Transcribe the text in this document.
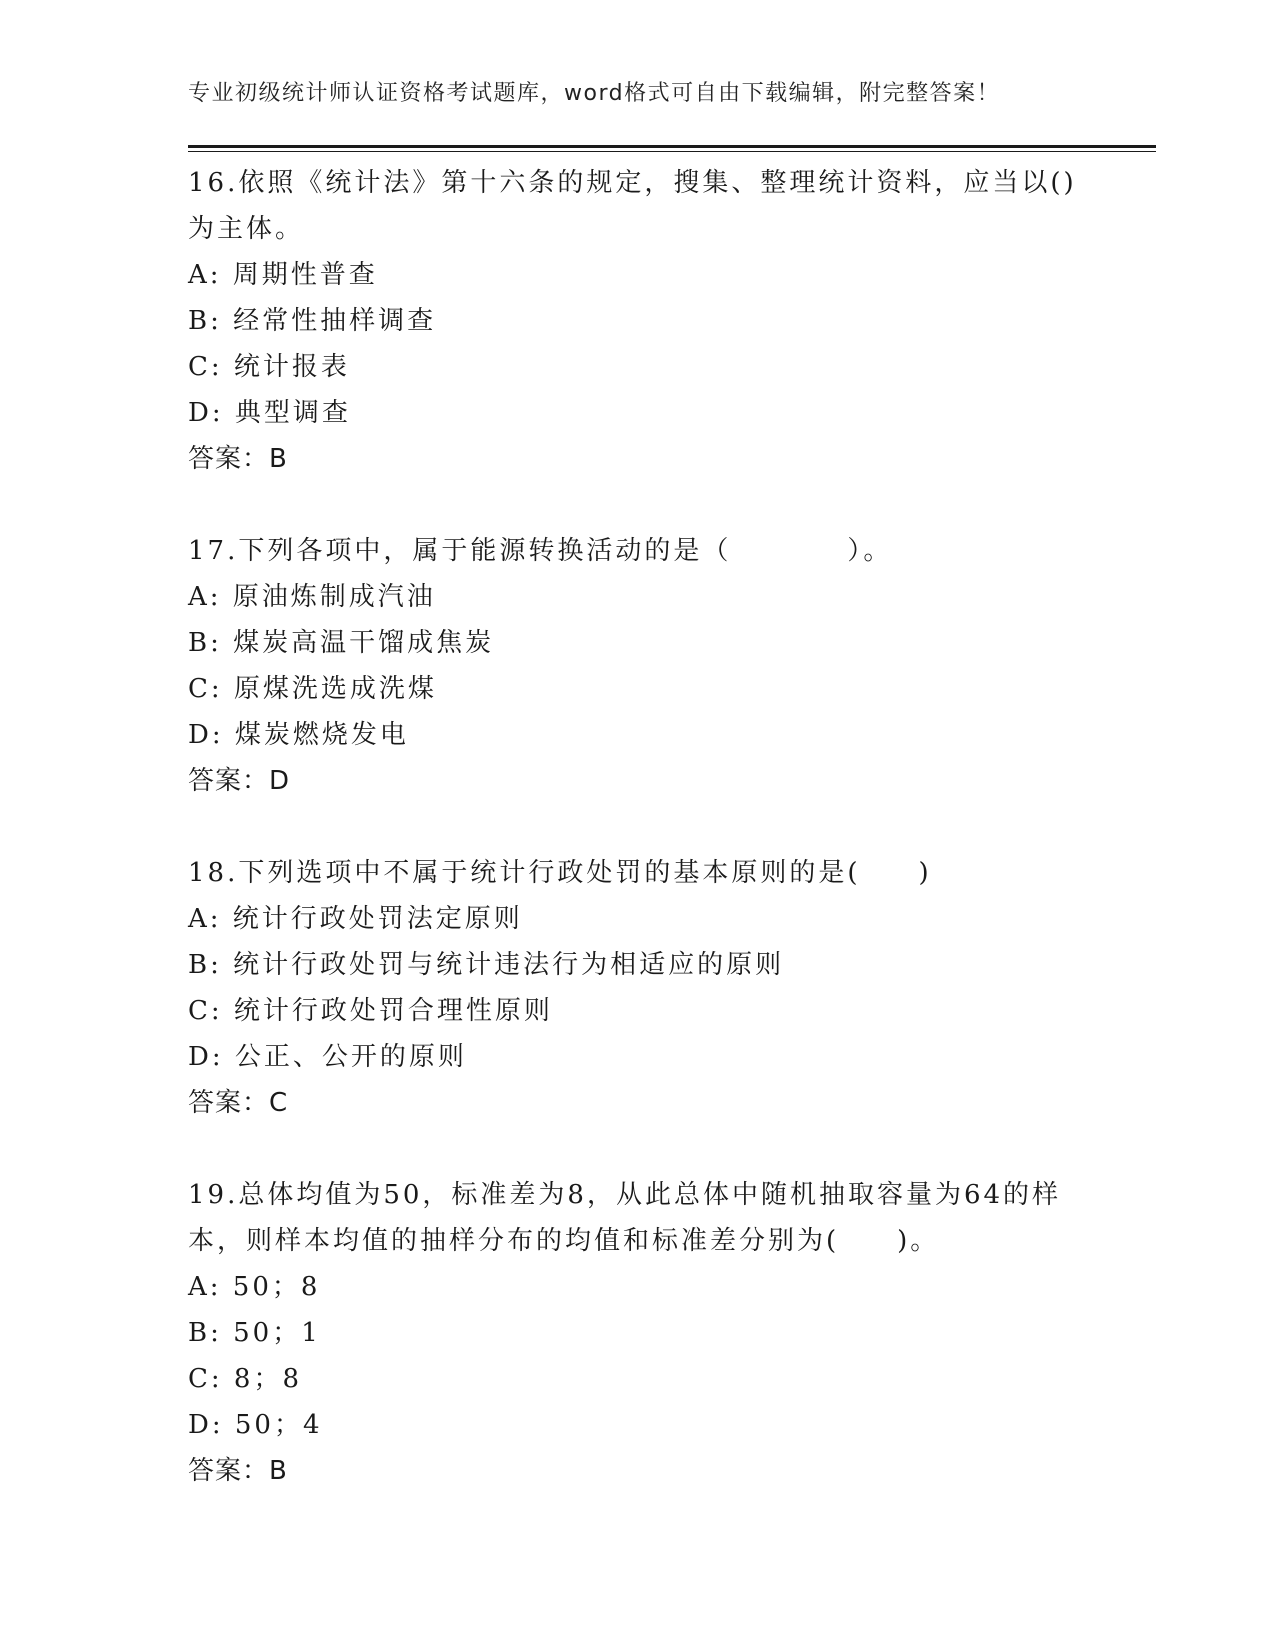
专业初级统计师认证资格考试题库，word格式可自由下载编辑，附完整答案！
16.依照《统计法》第十六条的规定，搜集、整理统计资料，应当以()
为主体。
A: 周期性普查
B: 经常性抽样调查
C: 统计报表
D: 典型调查
答案：B
17.下列各项中，属于能源转换活动的是（　　　　）。
A: 原油炼制成汽油
B: 煤炭高温干馏成焦炭
C: 原煤洗选成洗煤
D: 煤炭燃烧发电
答案：D
18.下列选项中不属于统计行政处罚的基本原则的是(　　)
A: 统计行政处罚法定原则
B: 统计行政处罚与统计违法行为相适应的原则
C: 统计行政处罚合理性原则
D: 公正、公开的原则
答案：C
19.总体均值为50，标准差为8，从此总体中随机抽取容量为64的样
本，则样本均值的抽样分布的均值和标准差分别为(　　)。
A: 50；8
B: 50；1
C: 8；8
D: 50；4
答案：B
